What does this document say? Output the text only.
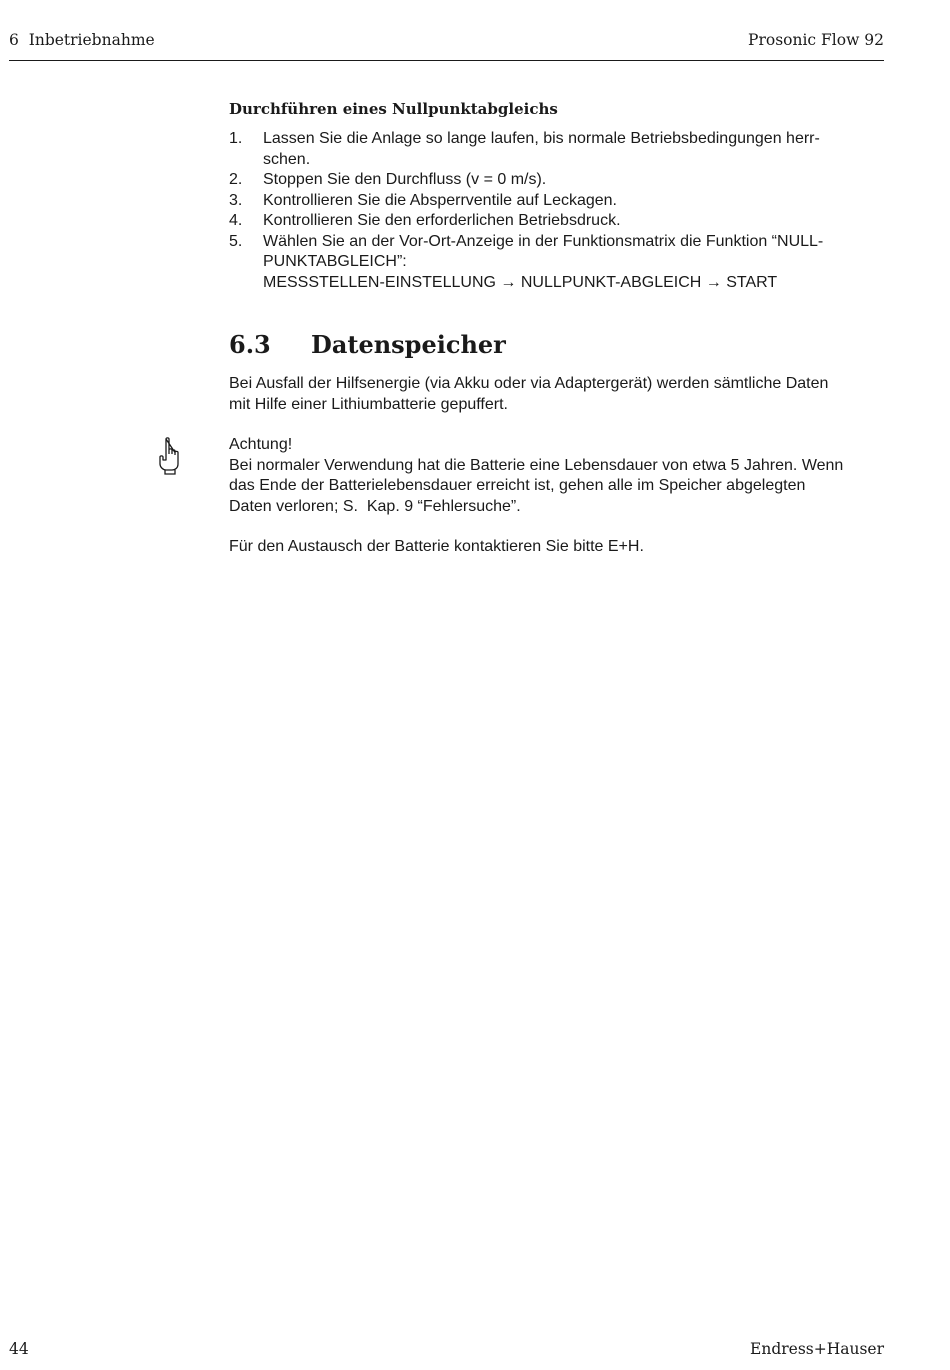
6  Inbetriebnahme	Prosonic Flow 92
Durchführen eines Nullpunktabgleichs
1. Lassen Sie die Anlage so lange laufen, bis normale Betriebsbedingungen herr-
schen.
2. Stoppen Sie den Durchfluss (v = 0 m/s).
3. Kontrollieren Sie die Absperrventile auf Leckagen.
4. Kontrollieren Sie den erforderlichen Betriebsdruck.
5. Wählen Sie an der Vor-Ort-Anzeige in der Funktionsmatrix die Funktion “NULL-
PUNKTABGLEICH”:
MESSSTELLEN-EINSTELLUNG → NULLPUNKT-ABGLEICH → START
6.3 Datenspeicher
Bei Ausfall der Hilfsenergie (via Akku oder via Adaptergerät) werden sämtliche Daten
mit Hilfe einer Lithiumbatterie gepuffert.
Achtung!
Bei normaler Verwendung hat die Batterie eine Lebensdauer von etwa 5 Jahren. Wenn
das Ende der Batterielebensdauer erreicht ist, gehen alle im Speicher abgelegten
Daten verloren; S.  Kap. 9 “Fehlersuche”.
Für den Austausch der Batterie kontaktieren Sie bitte E+H.
44	Endress+Hauser
